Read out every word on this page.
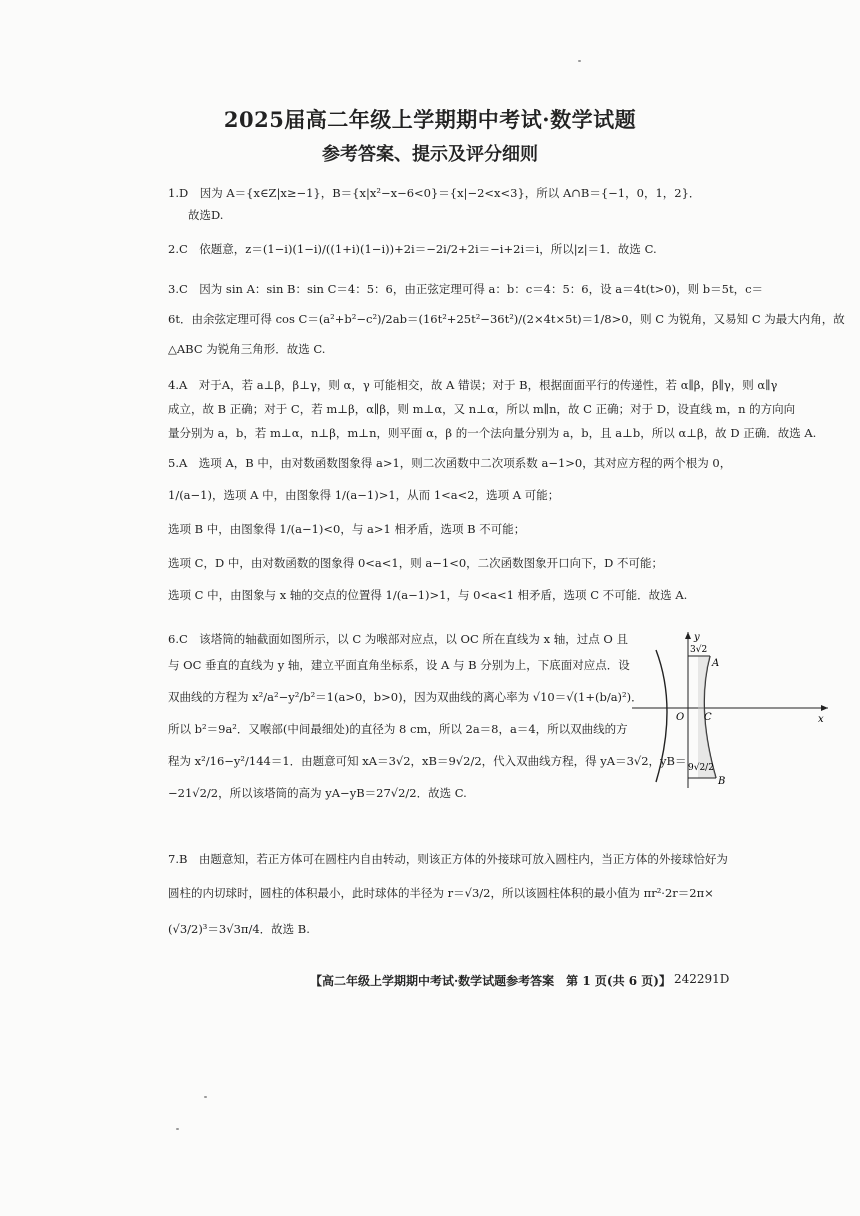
2025届高二年级上学期期中考试·数学试题
参考答案、提示及评分细则
1.D　因为 A＝{x∈Z|x≥−1}，B＝{x|x²−x−6<0}＝{x|−2<x<3}，所以 A∩B＝{−1，0，1，2}．
故选D.
2.C　依题意，z＝(1−i)(1−i)/((1+i)(1−i))+2i＝−2i/2+2i＝−i+2i＝i，所以|z|＝1．故选 C.
3.C　因为 sin A：sin B：sin C＝4：5：6，由正弦定理可得 a：b：c＝4：5：6，设 a＝4t(t>0)，则 b＝5t，c＝
6t．由余弦定理可得 cos C＝(a²+b²−c²)/2ab＝(16t²+25t²−36t²)/(2×4t×5t)＝1/8>0，则 C 为锐角，又易知 C 为最大内角，故
△ABC 为锐角三角形．故选 C.
4.A　对于A，若 a⊥β，β⊥γ，则 α，γ 可能相交，故 A 错误；对于 B，根据面面平行的传递性，若 α∥β，β∥γ，则 α∥γ
成立，故 B 正确；对于 C，若 m⊥β，α∥β，则 m⊥α，又 n⊥α，所以 m∥n，故 C 正确；对于 D，设直线 m，n 的方向向
量分别为 a，b，若 m⊥α，n⊥β，m⊥n，则平面 α，β 的一个法向量分别为 a，b，且 a⊥b，所以 α⊥β，故 D 正确．故选 A.
5.A　选项 A，B 中，由对数函数图象得 a>1，则二次函数中二次项系数 a−1>0，其对应方程的两个根为 0，
1/(a−1)，选项 A 中，由图象得 1/(a−1)>1，从而 1<a<2，选项 A 可能；
选项 B 中，由图象得 1/(a−1)<0，与 a>1 相矛盾，选项 B 不可能；
选项 C，D 中，由对数函数的图象得 0<a<1，则 a−1<0，二次函数图象开口向下，D 不可能；
选项 C 中，由图象与 x 轴的交点的位置得 1/(a−1)>1，与 0<a<1 相矛盾，选项 C 不可能．故选 A.
6.C　该塔筒的轴截面如图所示，以 C 为喉部对应点，以 OC 所在直线为 x 轴，过点 O 且
与 OC 垂直的直线为 y 轴，建立平面直角坐标系，设 A 与 B 分别为上，下底面对应点．设
双曲线的方程为 x²/a²−y²/b²＝1(a>0，b>0)，因为双曲线的离心率为 √10＝√(1+(b/a)²)．
所以 b²＝9a²．又喉部(中间最细处)的直径为 8 cm，所以 2a＝8，a＝4，所以双曲线的方
程为 x²/16−y²/144＝1．由题意可知 xA＝3√2，xB＝9√2/2，代入双曲线方程，得 yA＝3√2，yB＝
−21√2/2，所以该塔筒的高为 yA−yB＝27√2/2．故选 C.
7.B　由题意知，若正方体可在圆柱内自由转动，则该正方体的外接球可放入圆柱内，当正方体的外接球恰好为
圆柱的内切球时，圆柱的体积最小，此时球体的半径为 r＝√3/2，所以该圆柱体积的最小值为 πr²·2r＝2π×
(√3/2)³＝3√3π/4．故选 B.
y
3√2
A
O C	x
9√2/2
B
【高二年级上学期期中考试·数学试题参考答案　第 1 页(共 6 页)】 242291D
